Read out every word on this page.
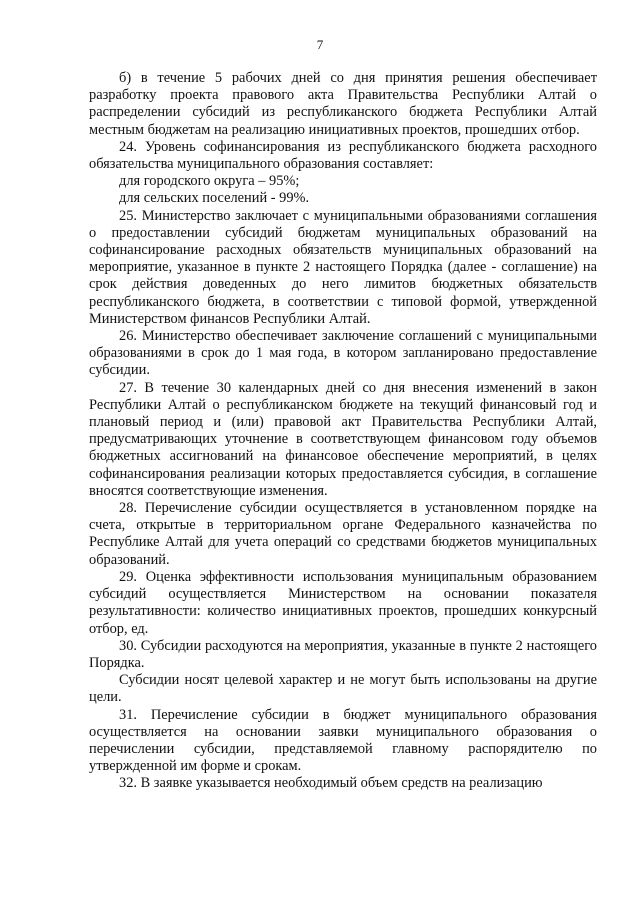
7

б) в течение 5 рабочих дней со дня принятия решения обеспечивает разработку проекта правового акта Правительства Республики Алтай о распределении субсидий из республиканского бюджета Республики Алтай местным бюджетам на реализацию инициативных проектов, прошедших отбор.

24. Уровень софинансирования из республиканского бюджета расходного обязательства муниципального образования составляет:

для городского округа – 95%;

для сельских поселений - 99%.

25. Министерство заключает с муниципальными образованиями соглашения о предоставлении субсидий бюджетам муниципальных образований на софинансирование расходных обязательств муниципальных образований на мероприятие, указанное в пункте 2 настоящего Порядка (далее - соглашение) на срок действия доведенных до него лимитов бюджетных обязательств республиканского бюджета, в соответствии с типовой формой, утвержденной Министерством финансов Республики Алтай.

26. Министерство обеспечивает заключение соглашений с муниципальными образованиями в срок до 1 мая года, в котором запланировано предоставление субсидии.

27. В течение 30 календарных дней со дня внесения изменений в закон Республики Алтай о республиканском бюджете на текущий финансовый год и плановый период и (или) правовой акт Правительства Республики Алтай, предусматривающих уточнение в соответствующем финансовом году объемов бюджетных ассигнований на финансовое обеспечение мероприятий, в целях софинансирования реализации которых предоставляется субсидия, в соглашение вносятся соответствующие изменения.

28. Перечисление субсидии осуществляется в установленном порядке на счета, открытые в территориальном органе Федерального казначейства по Республике Алтай для учета операций со средствами бюджетов муниципальных образований.

29. Оценка эффективности использования муниципальным образованием субсидий осуществляется Министерством на основании показателя результативности: количество инициативных проектов, прошедших конкурсный отбор, ед.

30. Субсидии расходуются на мероприятия, указанные в пункте 2 настоящего Порядка.

Субсидии носят целевой характер и не могут быть использованы на другие цели.

31. Перечисление субсидии в бюджет муниципального образования осуществляется на основании заявки муниципального образования о перечислении субсидии, представляемой главному распорядителю по утвержденной им форме и срокам.

32. В заявке указывается необходимый объем средств на реализацию
